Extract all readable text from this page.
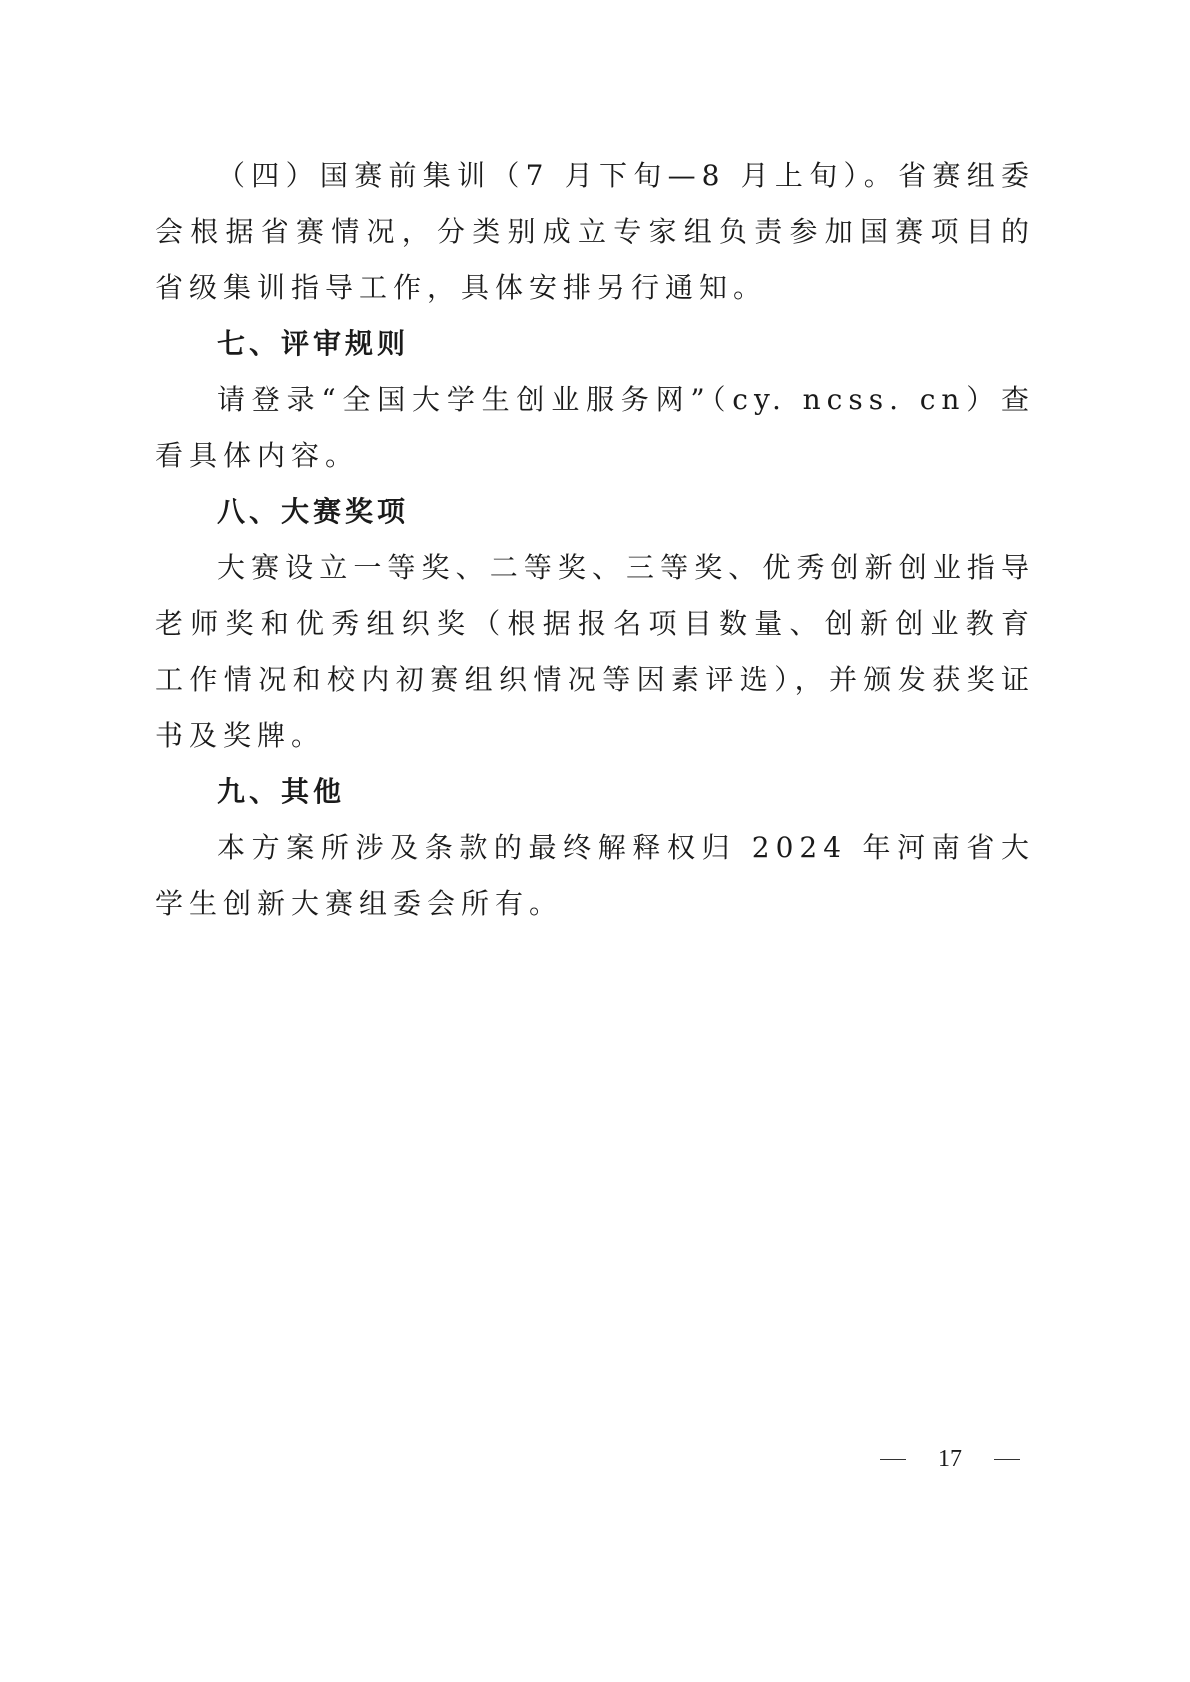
（四）国赛前集训（7 月下旬—8 月上旬）。省赛组委会根据省赛情况，分类别成立专家组负责参加国赛项目的省级集训指导工作，具体安排另行通知。

七、评审规则

请登录“全国大学生创业服务网”（cy. ncss. cn）查看具体内容。

八、大赛奖项

大赛设立一等奖、二等奖、三等奖、优秀创新创业指导老师奖和优秀组织奖（根据报名项目数量、创新创业教育工作情况和校内初赛组织情况等因素评选），并颁发获奖证书及奖牌。

九、其他

本方案所涉及条款的最终解释权归 2024 年河南省大学生创新大赛组委会所有。

17
